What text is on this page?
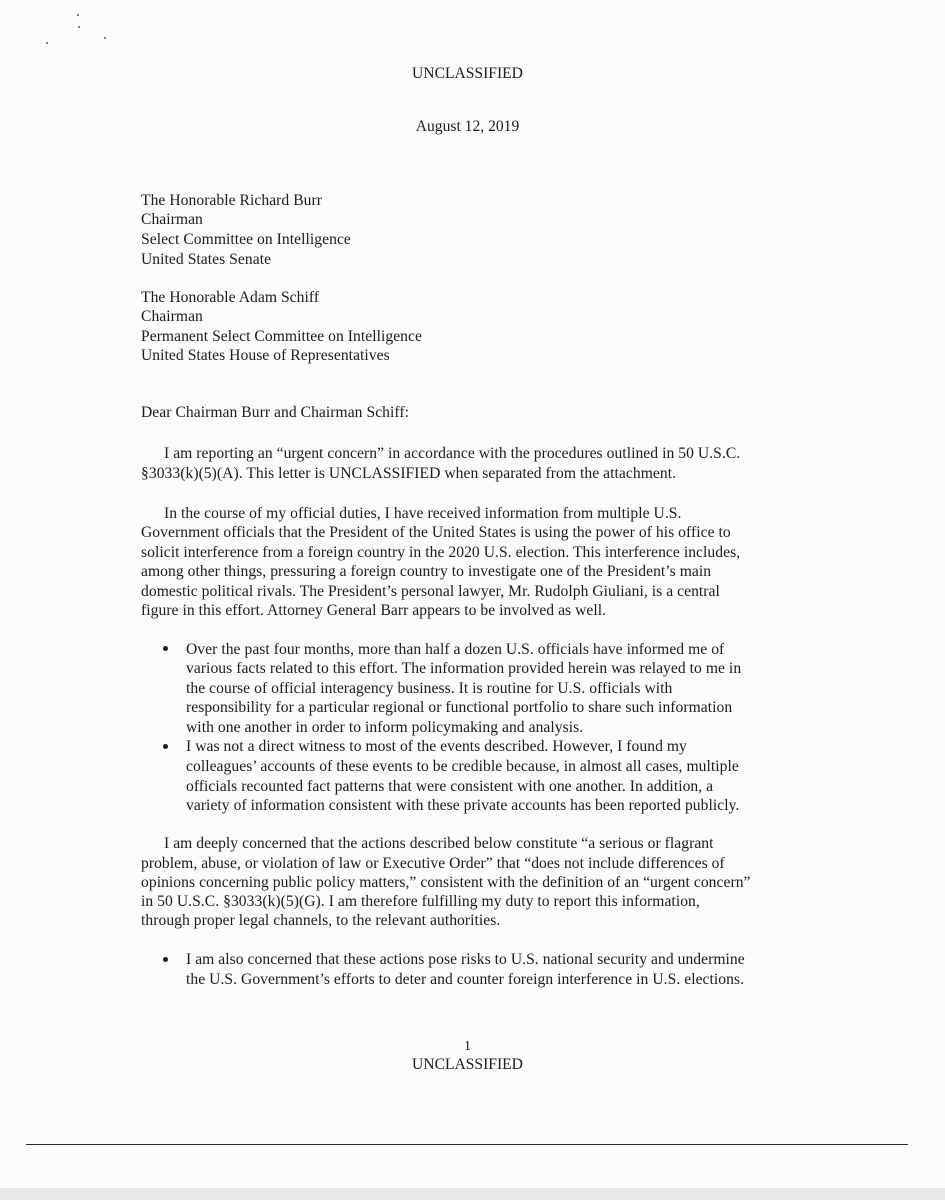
UNCLASSIFIED
August 12, 2019
The Honorable Richard Burr
Chairman
Select Committee on Intelligence
United States Senate
The Honorable Adam Schiff
Chairman
Permanent Select Committee on Intelligence
United States House of Representatives
Dear Chairman Burr and Chairman Schiff:
I am reporting an “urgent concern” in accordance with the procedures outlined in 50 U.S.C.
§3033(k)(5)(A). This letter is UNCLASSIFIED when separated from the attachment.
In the course of my official duties, I have received information from multiple U.S.
Government officials that the President of the United States is using the power of his office to
solicit interference from a foreign country in the 2020 U.S. election. This interference includes,
among other things, pressuring a foreign country to investigate one of the President’s main
domestic political rivals. The President’s personal lawyer, Mr. Rudolph Giuliani, is a central
figure in this effort. Attorney General Barr appears to be involved as well.
Over the past four months, more than half a dozen U.S. officials have informed me of
various facts related to this effort. The information provided herein was relayed to me in
the course of official interagency business. It is routine for U.S. officials with
responsibility for a particular regional or functional portfolio to share such information
with one another in order to inform policymaking and analysis.
I was not a direct witness to most of the events described. However, I found my
colleagues’ accounts of these events to be credible because, in almost all cases, multiple
officials recounted fact patterns that were consistent with one another. In addition, a
variety of information consistent with these private accounts has been reported publicly.
I am deeply concerned that the actions described below constitute “a serious or flagrant
problem, abuse, or violation of law or Executive Order” that “does not include differences of
opinions concerning public policy matters,” consistent with the definition of an “urgent concern”
in 50 U.S.C. §3033(k)(5)(G). I am therefore fulfilling my duty to report this information,
through proper legal channels, to the relevant authorities.
I am also concerned that these actions pose risks to U.S. national security and undermine
the U.S. Government’s efforts to deter and counter foreign interference in U.S. elections.
1
UNCLASSIFIED
